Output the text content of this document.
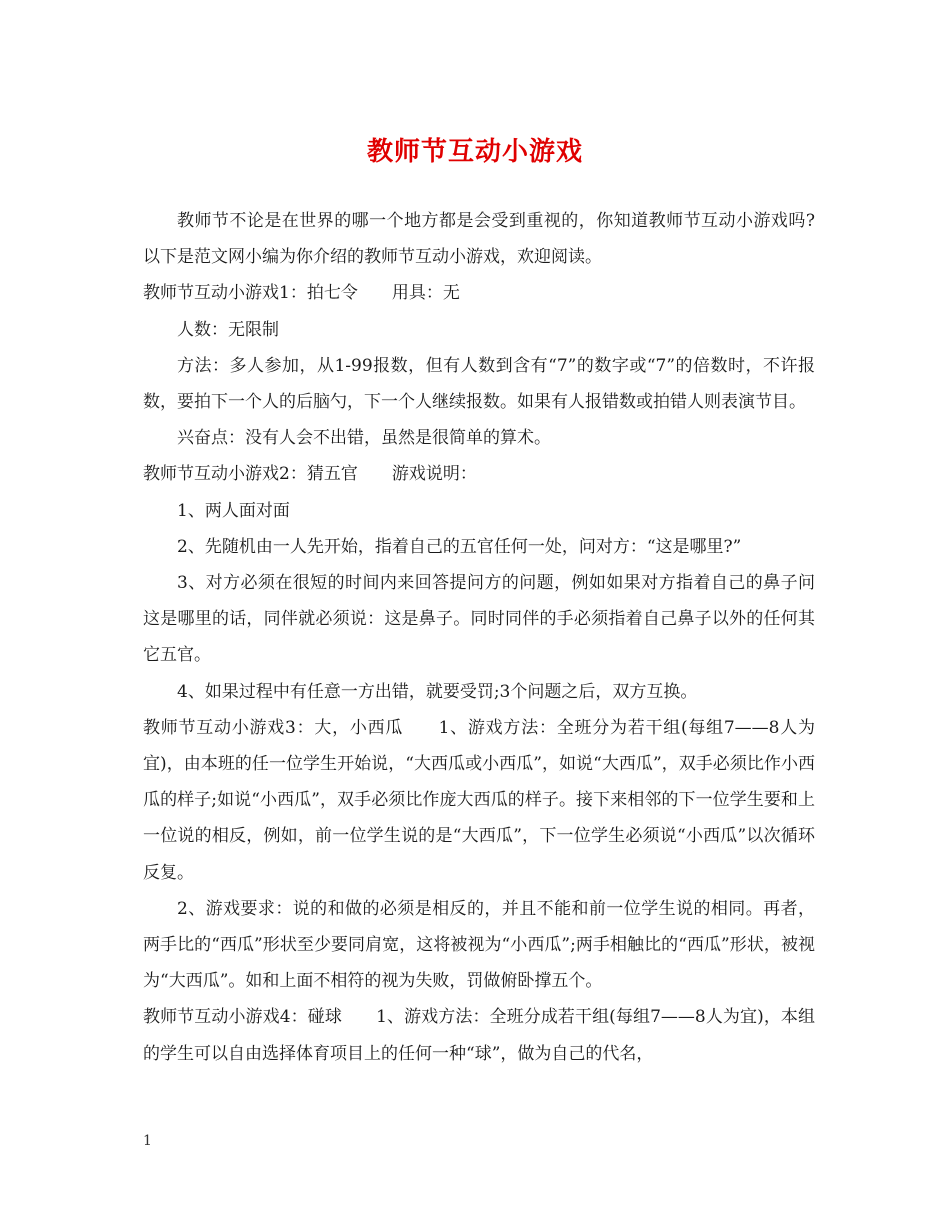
教师节互动小游戏

教师节不论是在世界的哪一个地方都是会受到重视的，你知道教师节互动小游戏吗?以下是范文网小编为你介绍的教师节互动小游戏，欢迎阅读。

教师节互动小游戏1：拍七令　　用具：无

人数：无限制

方法：多人参加，从1-99报数，但有人数到含有“7”的数字或“7”的倍数时，不许报数，要拍下一个人的后脑勺，下一个人继续报数。如果有人报错数或拍错人则表演节目。

兴奋点：没有人会不出错，虽然是很简单的算术。

教师节互动小游戏2：猜五官　　游戏说明：

1、两人面对面

2、先随机由一人先开始，指着自己的五官任何一处，问对方：“这是哪里?”

3、对方必须在很短的时间内来回答提问方的问题，例如如果对方指着自己的鼻子问这是哪里的话，同伴就必须说：这是鼻子。同时同伴的手必须指着自己鼻子以外的任何其它五官。

4、如果过程中有任意一方出错，就要受罚;3个问题之后，双方互换。

教师节互动小游戏3：大，小西瓜　　1、游戏方法：全班分为若干组(每组7——8人为宜)，由本班的任一位学生开始说，“大西瓜或小西瓜”，如说“大西瓜”，双手必须比作小西瓜的样子;如说“小西瓜”，双手必须比作庞大西瓜的样子。接下来相邻的下一位学生要和上一位说的相反，例如，前一位学生说的是“大西瓜”，下一位学生必须说“小西瓜”以次循环反复。

2、游戏要求：说的和做的必须是相反的，并且不能和前一位学生说的相同。再者，两手比的“西瓜”形状至少要同肩宽，这将被视为“小西瓜”;两手相触比的“西瓜”形状，被视为“大西瓜”。如和上面不相符的视为失败，罚做俯卧撑五个。

教师节互动小游戏4：碰球　　1、游戏方法：全班分成若干组(每组7——8人为宜)，本组的学生可以自由选择体育项目上的任何一种“球”，做为自己的代名，

1
